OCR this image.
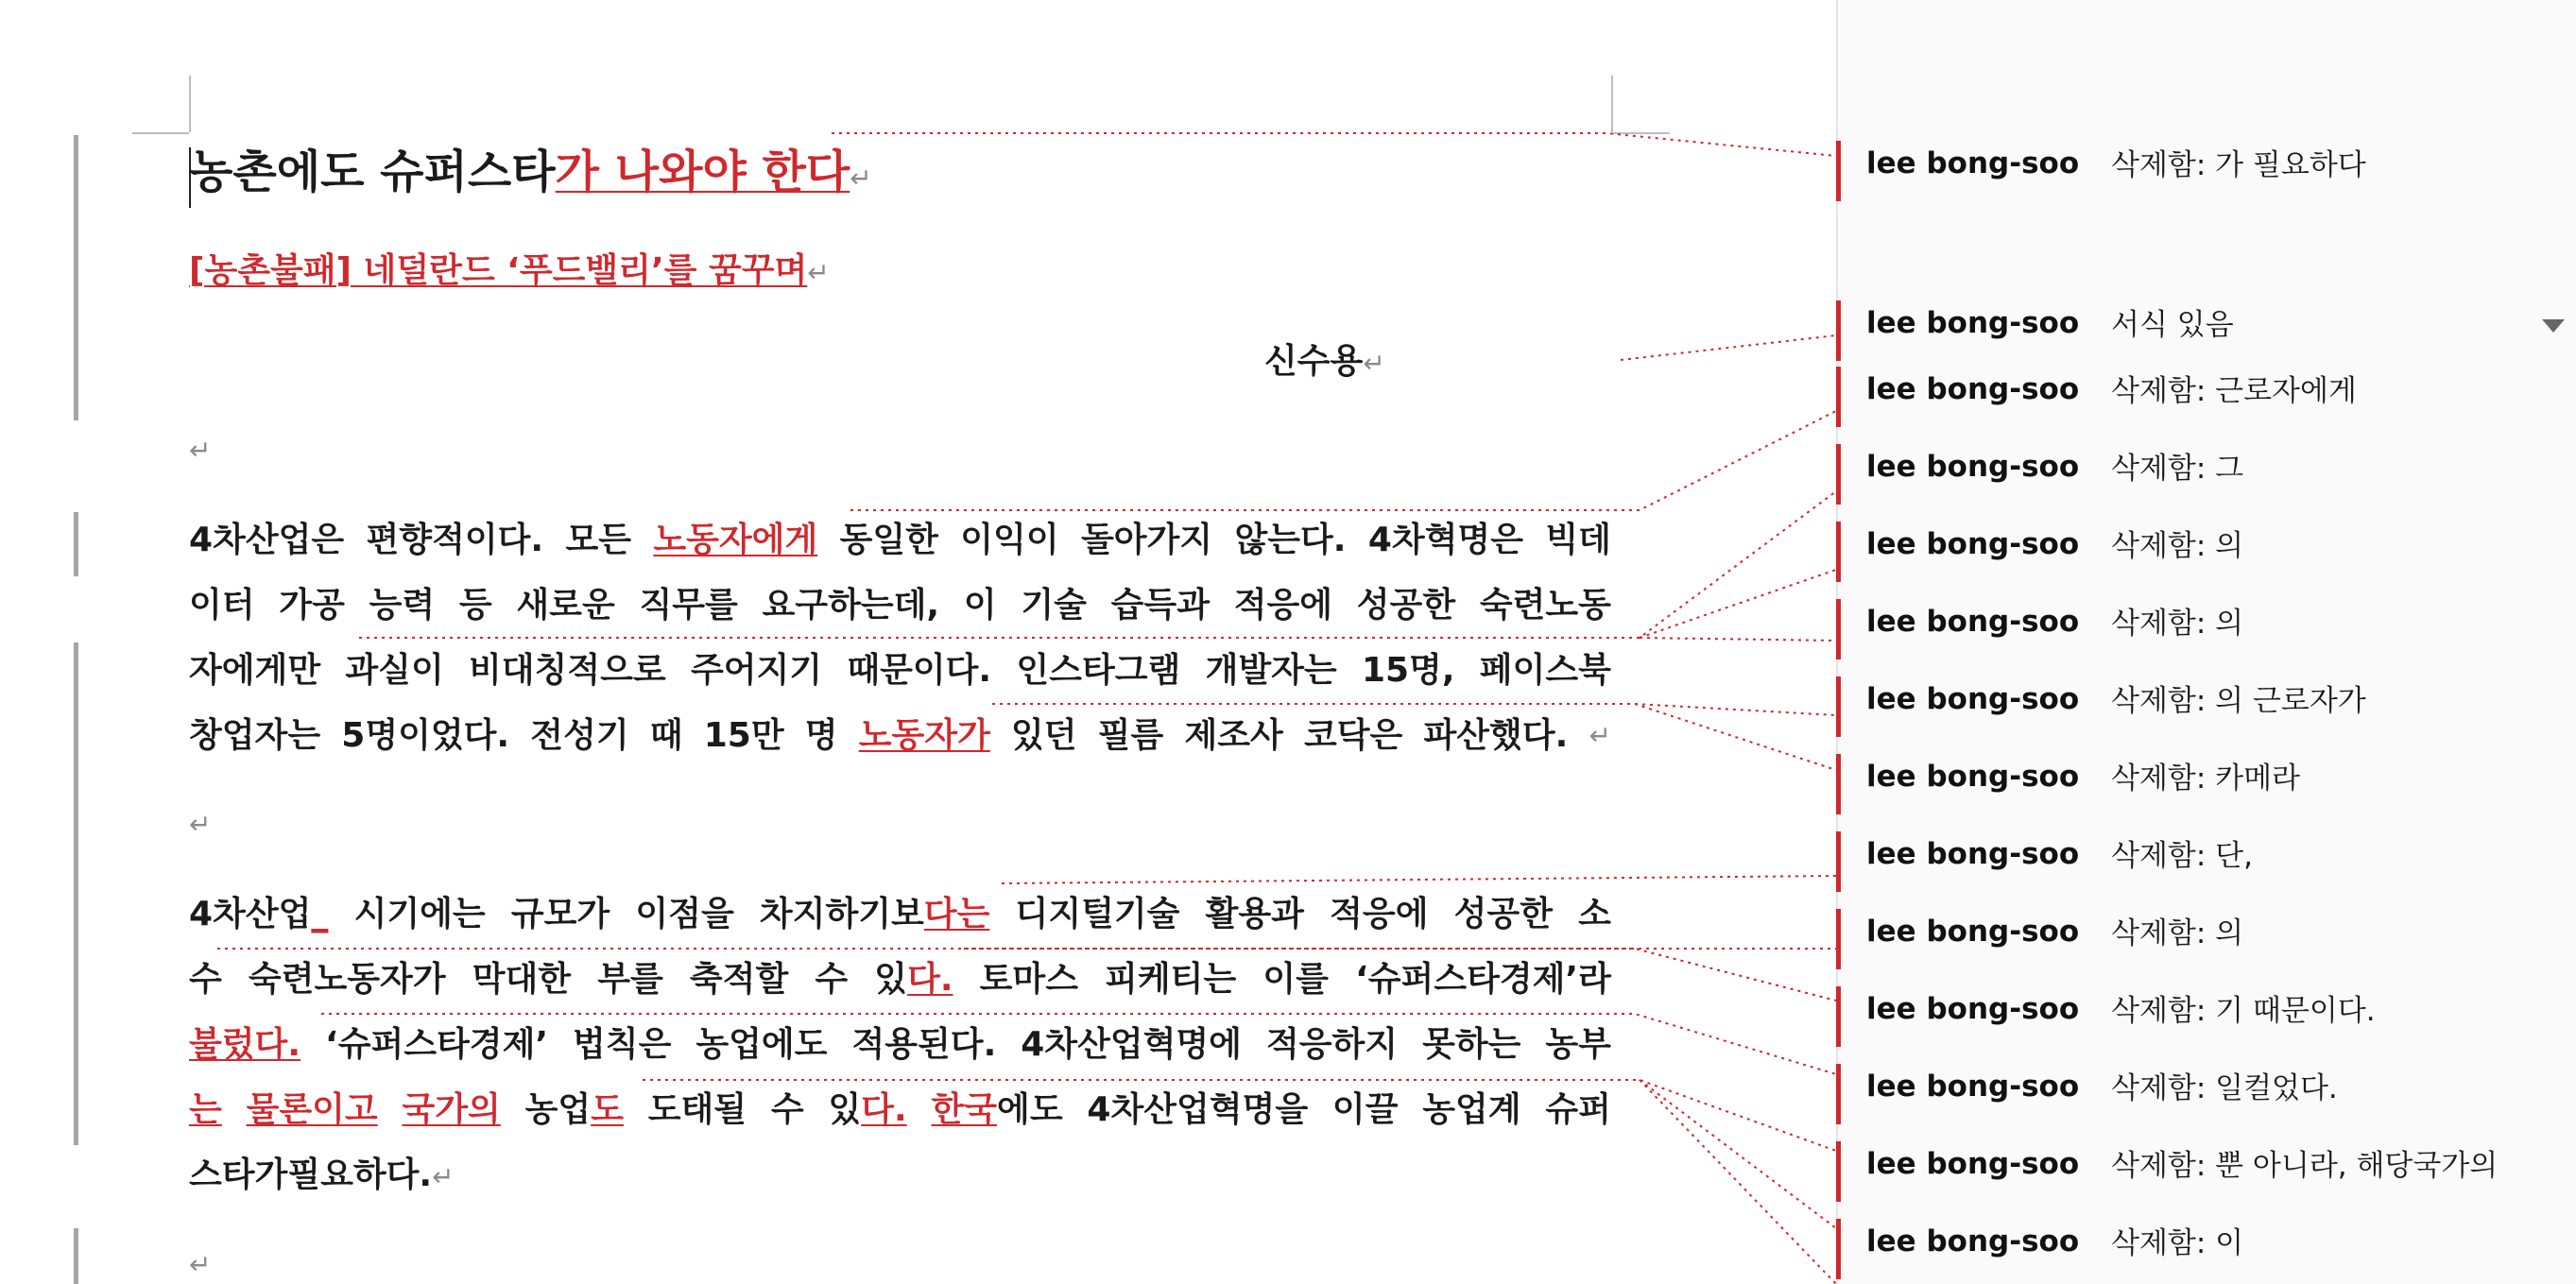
농촌에도 슈퍼스타가 나와야 한다↵
[농촌불패] 네덜란드 ‘푸드밸리’를 꿈꾸며↵
신수용↵
↵
4차산업은 편향적이다. 모든 노동자에게 동일한 이익이 돌아가지 않는다. 4차혁명은 빅데
이터 가공 능력 등 새로운 직무를 요구하는데, 이 기술 습득과 적응에 성공한 숙련노동
자에게만 과실이 비대칭적으로 주어지기 때문이다. 인스타그램 개발자는 15명, 페이스북
창업자는 5명이었다. 전성기 때 15만 명 노동자가 있던 필름 제조사 코닥은 파산했다. ↵
↵
4차산업_ 시기에는 규모가 이점을 차지하기보다는 디지털기술 활용과 적응에 성공한 소
수 숙련노동자가 막대한 부를 축적할 수 있다. 토마스 피케티는 이를 ‘슈퍼스타경제’라
불렀다. ‘슈퍼스타경제’ 법칙은 농업에도 적용된다. 4차산업혁명에 적응하지 못하는 농부
는 물론이고 국가의 농업도 도태될 수 있다. 한국에도 4차산업혁명을 이끌 농업계 슈퍼
스타가 필요하다.↵
↵
lee bong-soo 삭제함: 가 필요하다
lee bong-soo 서식 있음
lee bong-soo 삭제함: 근로자에게
lee bong-soo 삭제함: 그
lee bong-soo 삭제함: 의
lee bong-soo 삭제함: 의
lee bong-soo 삭제함: 의 근로자가
lee bong-soo 삭제함: 카메라
lee bong-soo 삭제함: 단,
lee bong-soo 삭제함: 의
lee bong-soo 삭제함: 기 때문이다.
lee bong-soo 삭제함: 일컬었다.
lee bong-soo 삭제함: 뿐 아니라, 해당국가의
lee bong-soo 삭제함: 이
